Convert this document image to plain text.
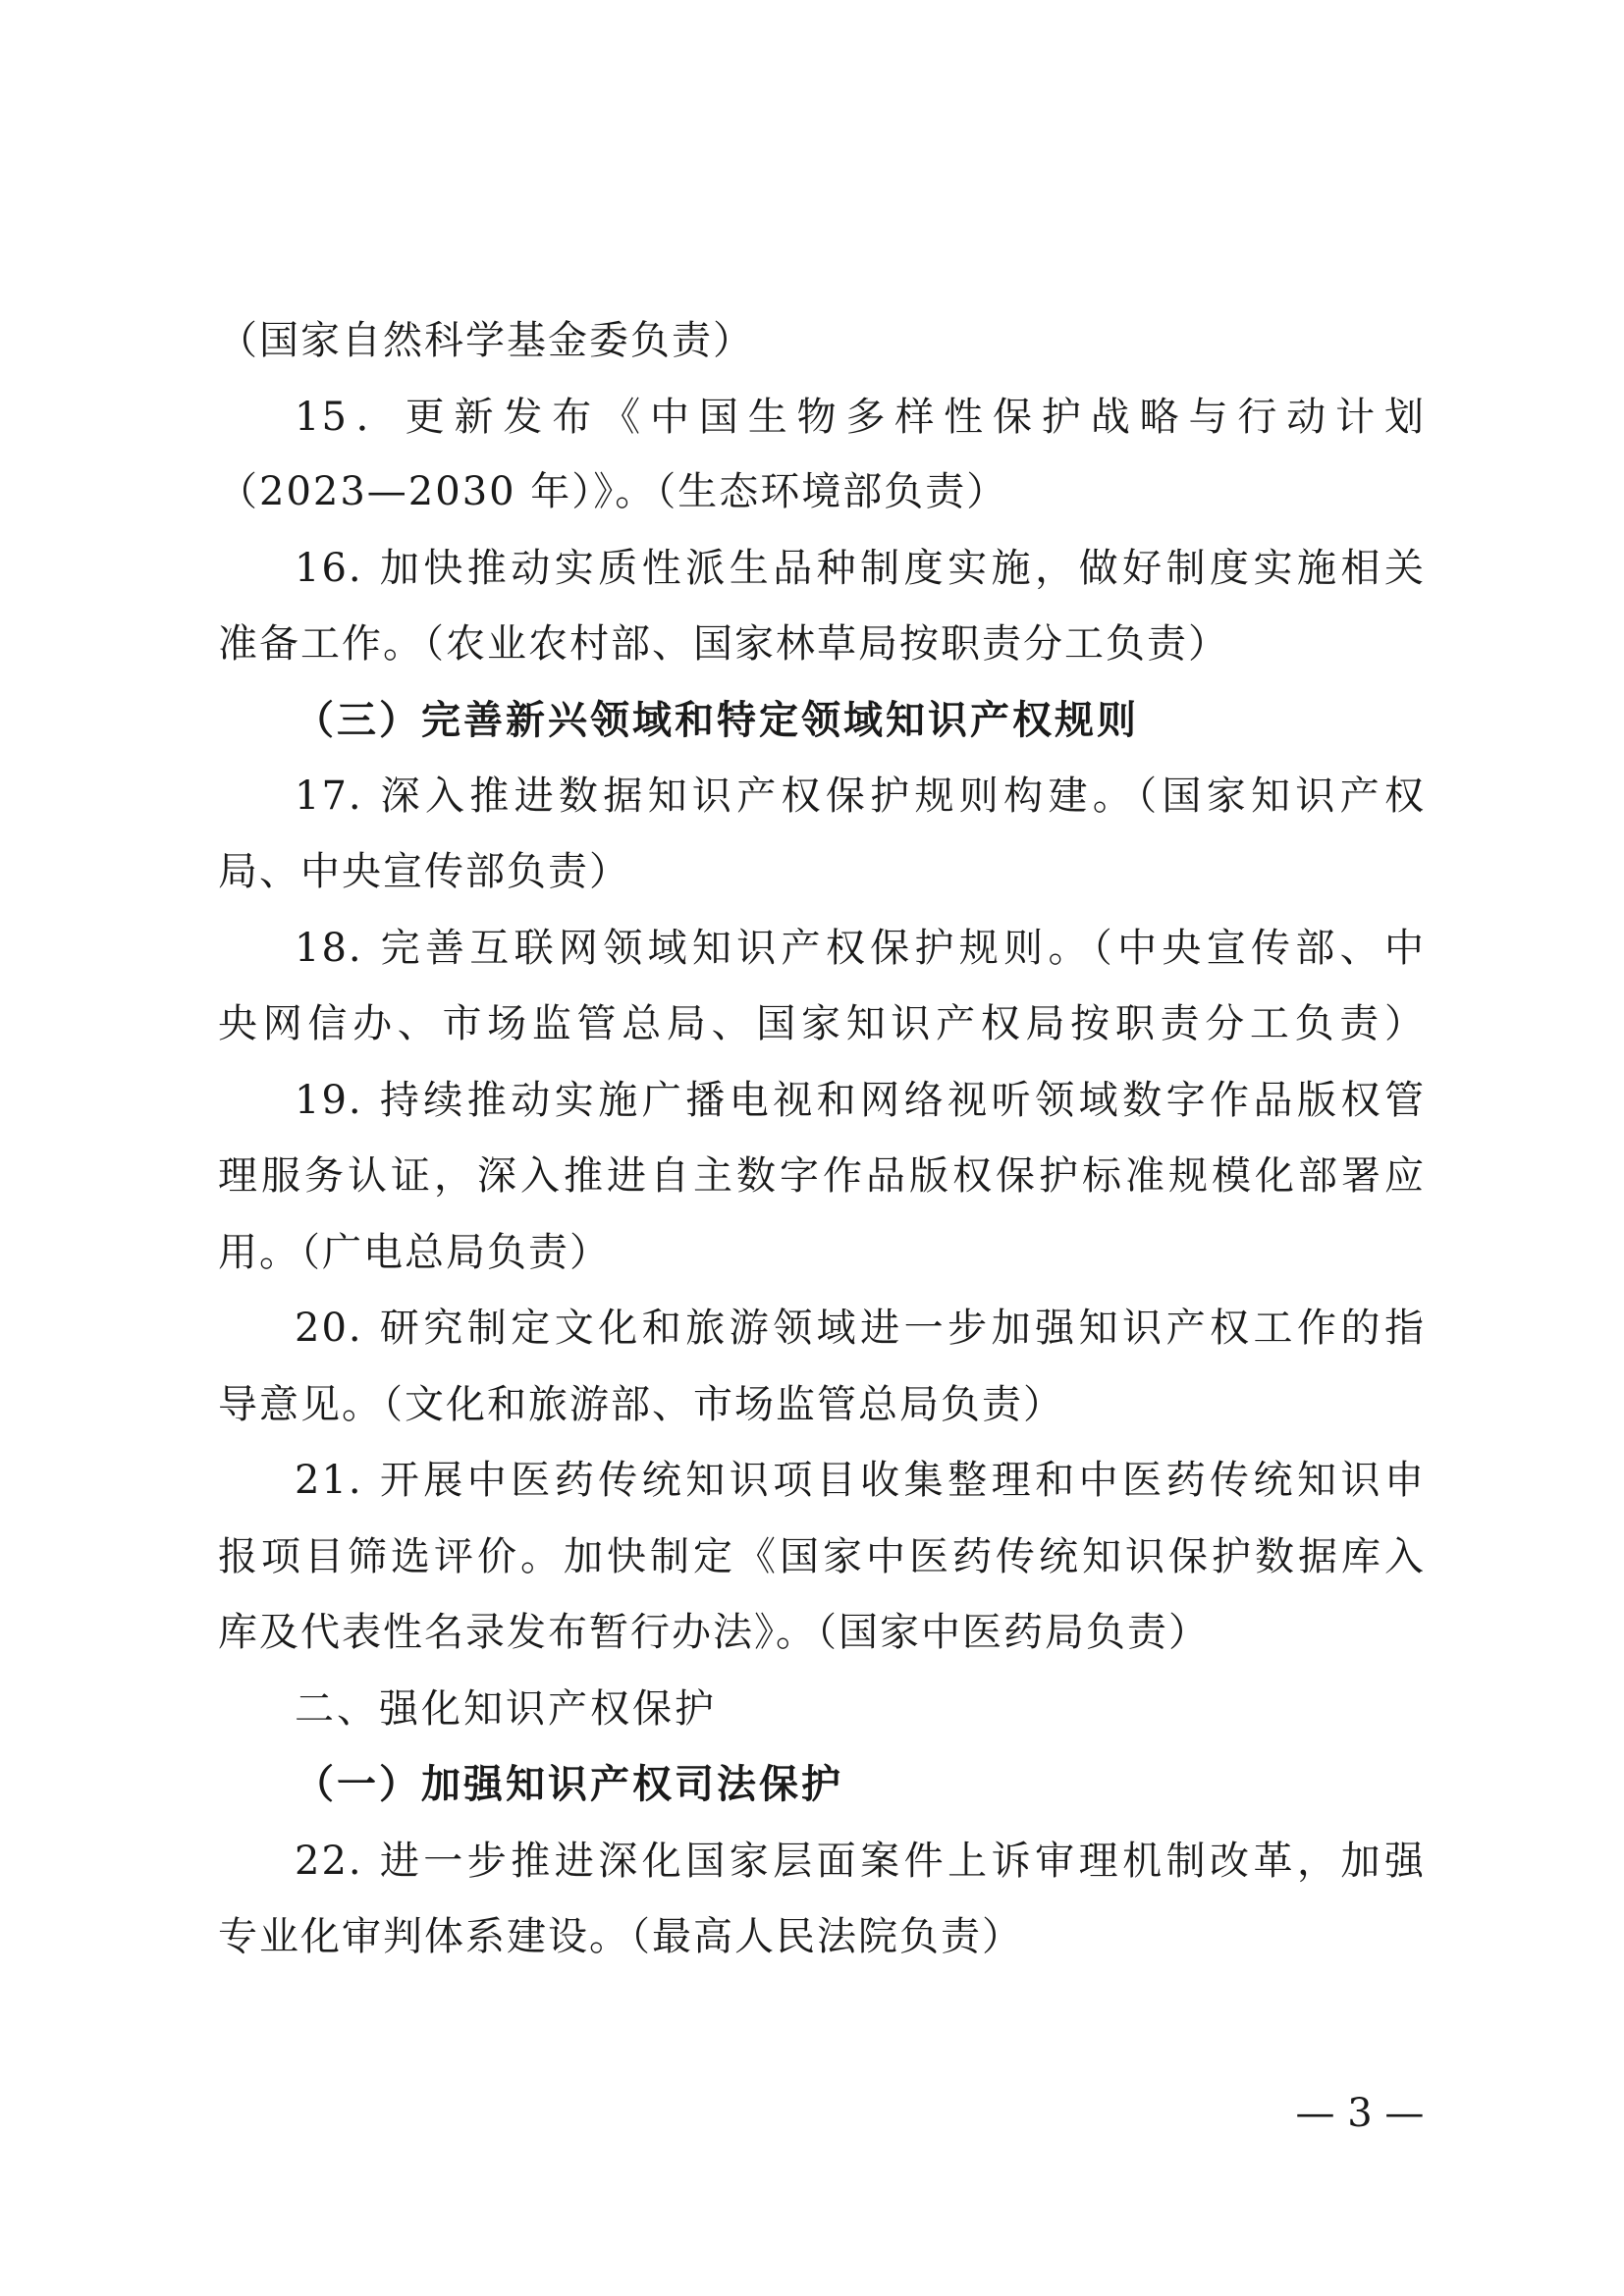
（国家自然科学基金委负责）
15．更新发布《中国生物多样性保护战略与行动计划
（2023—2030 年）》。（生态环境部负责）
16. 加快推动实质性派生品种制度实施，做好制度实施相关
准备工作。（农业农村部、国家林草局按职责分工负责）
（三）完善新兴领域和特定领域知识产权规则
17. 深入推进数据知识产权保护规则构建。（国家知识产权
局、中央宣传部负责）
18. 完善互联网领域知识产权保护规则。（中央宣传部、中
央网信办、市场监管总局、国家知识产权局按职责分工负责）
19. 持续推动实施广播电视和网络视听领域数字作品版权管
理服务认证，深入推进自主数字作品版权保护标准规模化部署应
用。（广电总局负责）
20. 研究制定文化和旅游领域进一步加强知识产权工作的指
导意见。（文化和旅游部、市场监管总局负责）
21. 开展中医药传统知识项目收集整理和中医药传统知识申
报项目筛选评价。加快制定《国家中医药传统知识保护数据库入
库及代表性名录发布暂行办法》。（国家中医药局负责）
二、强化知识产权保护
（一）加强知识产权司法保护
22. 进一步推进深化国家层面案件上诉审理机制改革，加强
专业化审判体系建设。（最高人民法院负责）
— 3 —
